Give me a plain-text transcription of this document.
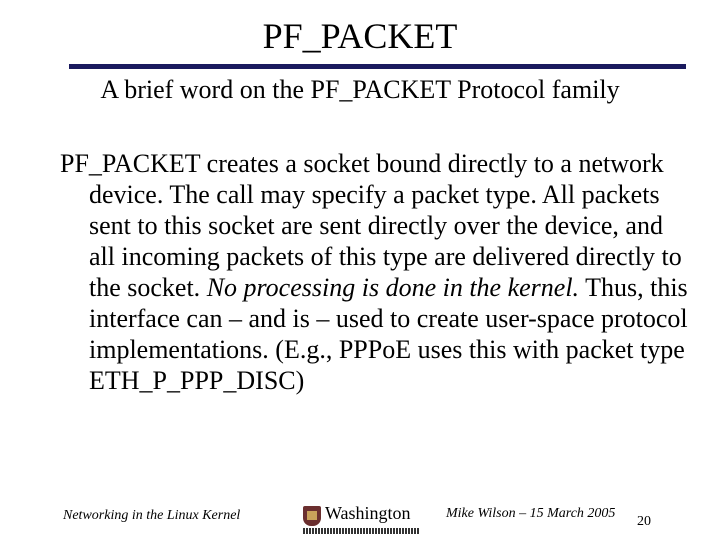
PF_PACKET
A brief word on the PF_PACKET Protocol family
PF_PACKET creates a socket bound directly to a network device. The call may specify a packet type. All packets sent to this socket are sent directly over the device, and all incoming packets of this type are delivered directly to the socket. No processing is done in the kernel. Thus, this interface can – and is – used to create user-space protocol implementations. (E.g., PPPoE uses this with packet type ETH_P_PPP_DISC)
Networking in the Linux Kernel	Washington	Mike Wilson – 15 March 2005
20
